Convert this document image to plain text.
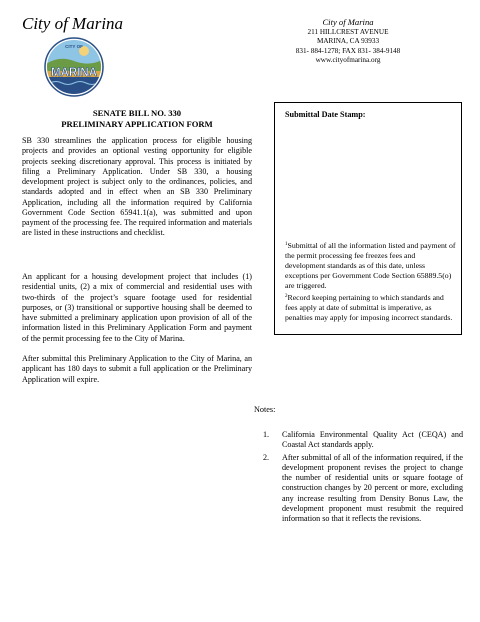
City of Marina
CITY OF
MARINA
City of Marina
211 HILLCREST AVENUE
MARINA, CA 93933
831- 884-1278; FAX 831- 384-9148
www.cityofmarina.org
SENATE BILL NO. 330
PRELIMINARY APPLICATION FORM

SB 330 streamlines the application process for eligible housing projects and provides an optional vesting opportunity for eligible projects seeking discretionary approval. This process is initiated by filing a Preliminary Application. Under SB 330, a housing development project is subject only to the ordinances, policies, and standards adopted and in effect when an SB 330 Preliminary Application, including all the information required by California Government Code Section 65941.1(a), was submitted and upon payment of the processing fee. The required information and materials are listed in these instructions and checklist.

An applicant for a housing development project that includes (1) residential units, (2) a mix of commercial and residential uses with two-thirds of the project’s square footage used for residential purposes, or (3) transitional or supportive housing shall be deemed to have submitted a preliminary application upon provision of all of the information listed in this Preliminary Application Form and payment of the permit processing fee to the City of Marina.

After submittal this Preliminary Application to the City of Marina, an applicant has 180 days to submit a full application or the Preliminary Application will expire.

Submittal Date Stamp:

$^1$Submittal of all the information listed and payment of the permit processing fee freezes fees and development standards as of this date, unless exceptions per Government Code Section 65889.5(o) are triggered.

$^2$Record keeping pertaining to which standards and fees apply at date of submittal is imperative, as penalties may apply for imposing incorrect standards.

Notes:
1. California Environmental Quality Act (CEQA) and Coastal Act standards apply.
2. After submittal of all of the information required, if the development proponent revises the project to change the number of residential units or square footage of construction changes by 20 percent or more, excluding any increase resulting from Density Bonus Law, the development proponent must resubmit the required information so that it reflects the revisions.
